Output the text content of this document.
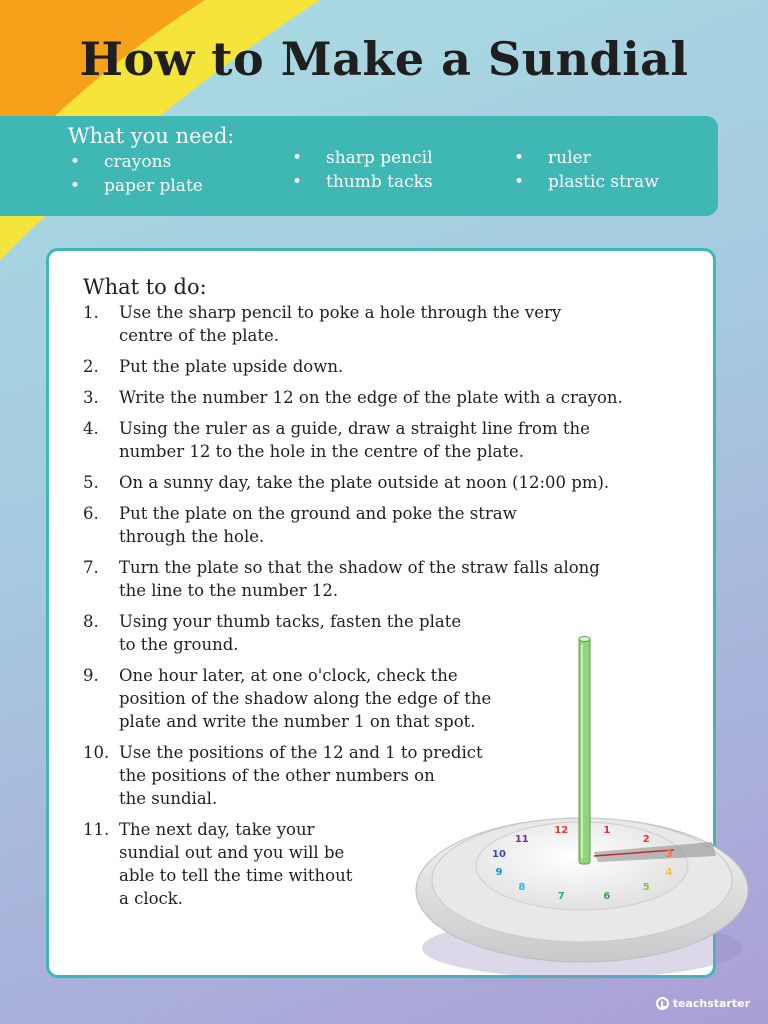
How to Make a Sundial
What you need:
• crayons
• paper plate
• sharp pencil
• thumb tacks
• ruler
• plastic straw
What to do:
1. Use the sharp pencil to poke a hole through the very
centre of the plate.
2. Put the plate upside down.
3. Write the number 12 on the edge of the plate with a crayon.
4. Using the ruler as a guide, draw a straight line from the
number 12 to the hole in the centre of the plate.
5. On a sunny day, take the plate outside at noon (12:00 pm).
6. Put the plate on the ground and poke the straw
through the hole.
7. Turn the plate so that the shadow of the straw falls along
the line to the number 12.
8. Using your thumb tacks, fasten the plate
to the ground.
9. One hour later, at one o'clock, check the
position of the shadow along the edge of the
plate and write the number 1 on that spot.
10. Use the positions of the 12 and 1 to predict
the positions of the other numbers on
the sundial.
11. The next day, take your
sundial out and you will be
able to tell the time without
a clock.
12	1
2
3
4
5
6
7
8
9
10
11
teachstarter
